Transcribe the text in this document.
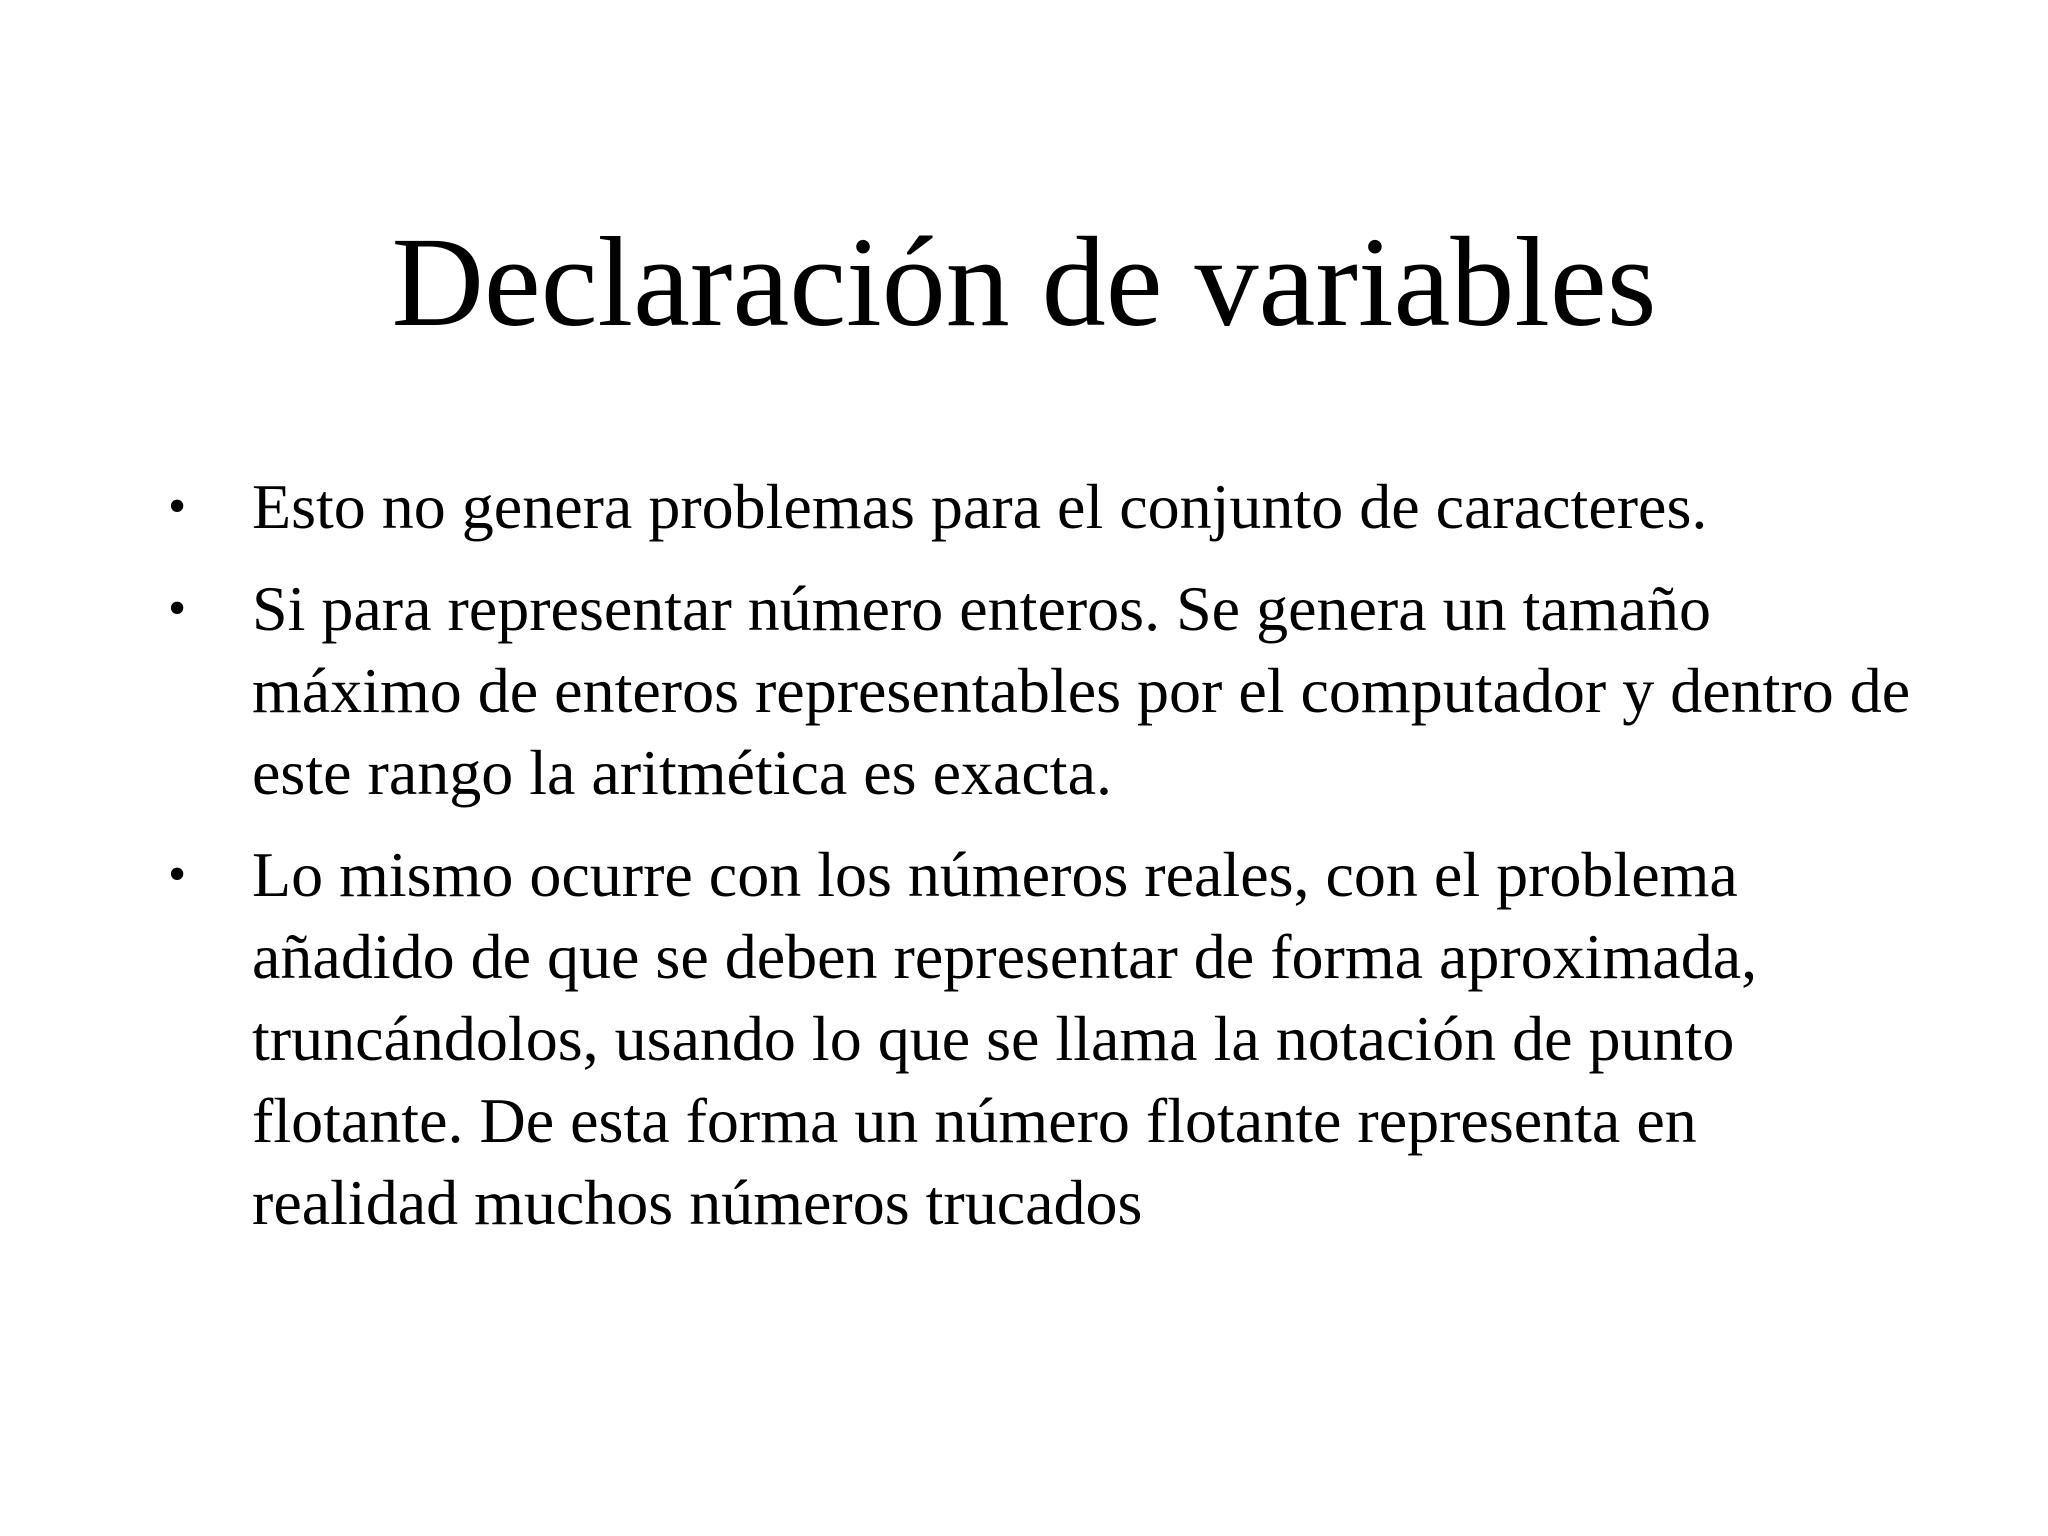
Declaración de variables
• Esto no genera problemas para el conjunto de caracteres.
• Si para representar número enteros. Se genera un tamaño máximo de enteros representables por el computador y dentro de este rango la aritmética es exacta.
• Lo mismo ocurre con los números reales, con el problema añadido de que se deben representar de forma aproximada, truncándolos, usando lo que se llama la notación de punto flotante. De esta forma un número flotante representa en realidad muchos números trucados
